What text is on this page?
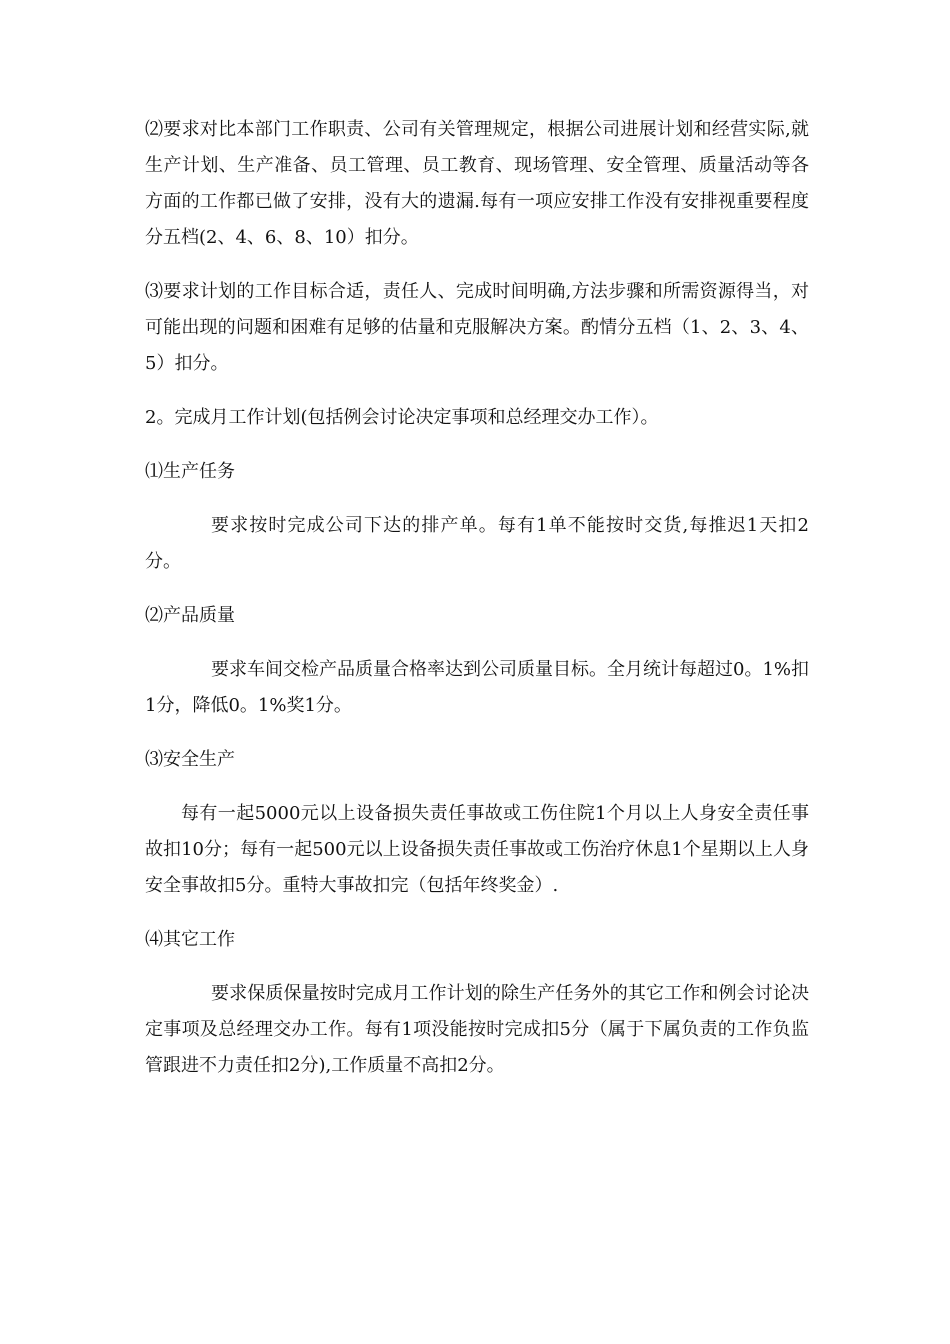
⑵要求对比本部门工作职责、公司有关管理规定，根据公司进展计划和经营实际,就生产计划、生产准备、员工管理、员工教育、现场管理、安全管理、质量活动等各方面的工作都已做了安排，没有大的遗漏.每有一项应安排工作没有安排视重要程度分五档(2、4、6、8、10）扣分。

⑶要求计划的工作目标合适，责任人、完成时间明确,方法步骤和所需资源得当，对可能出现的问题和困难有足够的估量和克服解决方案。酌情分五档（1、2、3、4、5）扣分。

2。完成月工作计划(包括例会讨论决定事项和总经理交办工作）。

⑴生产任务

要求按时完成公司下达的排产单。每有1单不能按时交货,每推迟1天扣2分。

⑵产品质量

要求车间交检产品质量合格率达到公司质量目标。全月统计每超过0。1%扣1分，降低0。1%奖1分。

⑶安全生产

每有一起5000元以上设备损失责任事故或工伤住院1个月以上人身安全责任事故扣10分；每有一起500元以上设备损失责任事故或工伤治疗休息1个星期以上人身安全事故扣5分。重特大事故扣完（包括年终奖金）.

⑷其它工作

要求保质保量按时完成月工作计划的除生产任务外的其它工作和例会讨论决定事项及总经理交办工作。每有1项没能按时完成扣5分（属于下属负责的工作负监管跟进不力责任扣2分),工作质量不高扣2分。
